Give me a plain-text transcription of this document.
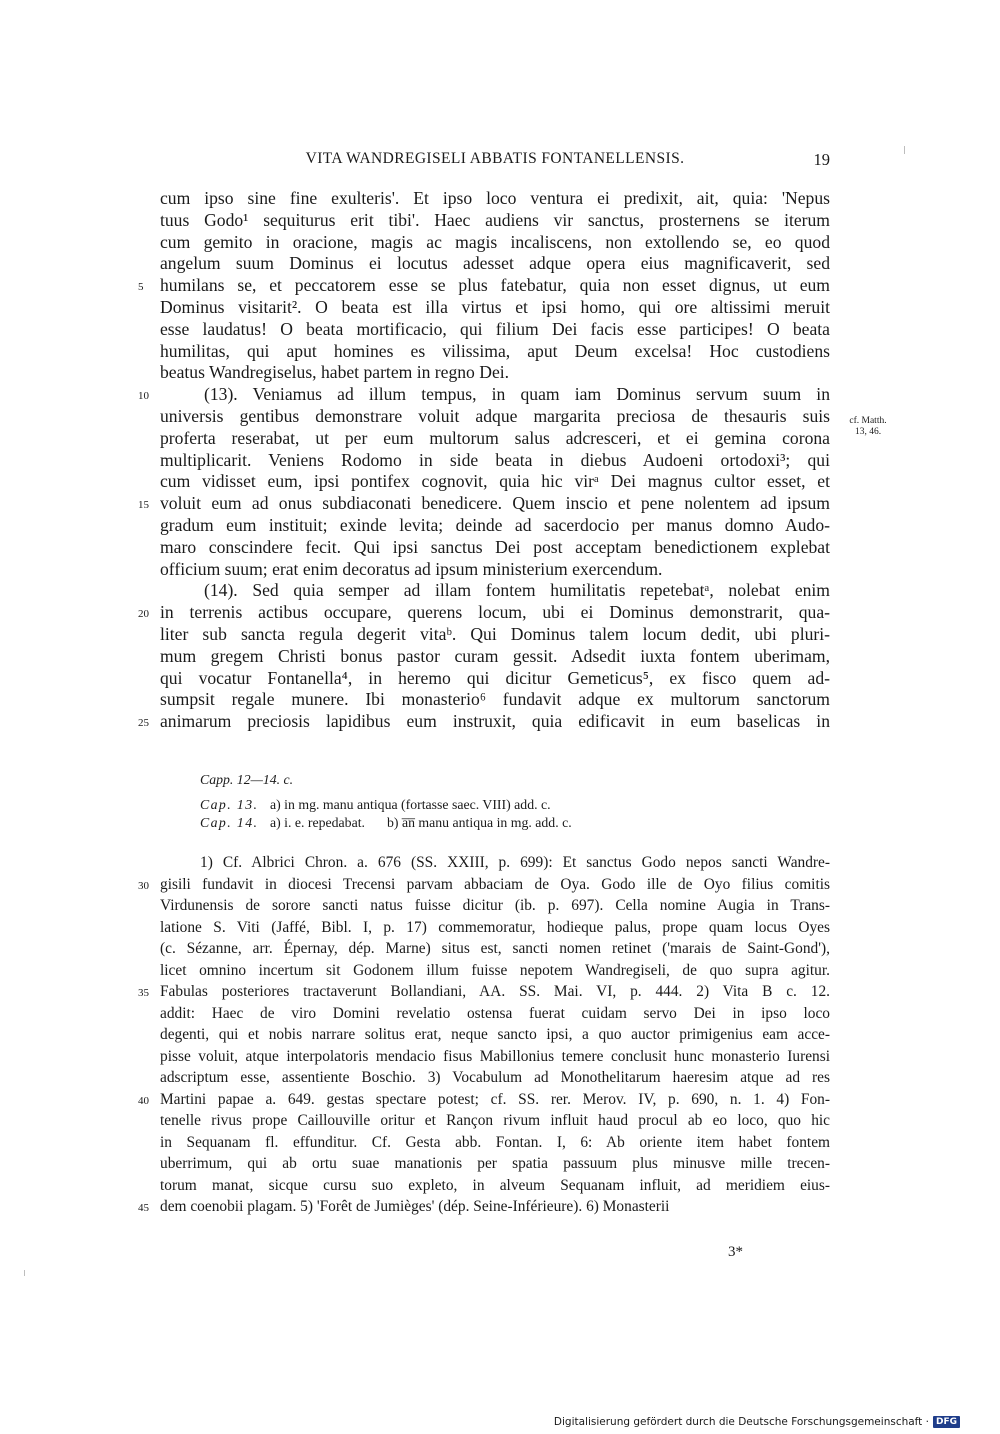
VITA WANDREGISELI ABBATIS FONTANELLENSIS.	19
cum ipso sine fine exulteris'. Et ipso loco ventura ei predixit, ait, quia: 'Nepus
tuus Godo¹ sequiturus erit tibi'. Haec audiens vir sanctus, prosternens se iterum
cum gemito in oracione, magis ac magis incaliscens, non extollendo se, eo quod
angelum suum Dominus ei locutus adesset adque opera eius magnificaverit, sed
5 humilans se, et peccatorem esse se plus fatebatur, quia non esset dignus, ut eum
Dominus visitarit². O beata est illa virtus et ipsi homo, qui ore altissimi meruit
esse laudatus! O beata mortificacio, qui filium Dei facis esse participes! O beata
humilitas, qui aput homines es vilissima, aput Deum excelsa! Hoc custodiens
beatus Wandregiselus, habet partem in regno Dei.
10	(13). Veniamus ad illum tempus, in quam iam Dominus servum suum in
universis gentibus demonstrare voluit adque margarita preciosa de thesauris suis
proferta reserabat, ut per eum multorum salus adcresceri, et ei gemina corona
multiplicarit. Veniens Rodomo in side beata in diebus Audoeni ortodoxi³; qui
cum vidisset eum, ipsi pontifex cognovit, quia hic virᵃ Dei magnus cultor esset, et
15 voluit eum ad onus subdiaconati benedicere. Quem inscio et pene nolentem ad ipsum
gradum eum instituit; exinde levita; deinde ad sacerdocio per manus domno Audo-
maro conscindere fecit. Qui ipsi sanctus Dei post acceptam benedictionem explebat
officium suum; erat enim decoratus ad ipsum ministerium exercendum.
(14). Sed quia semper ad illam fontem humilitatis repetebatᵃ, nolebat enim
20 in terrenis actibus occupare, querens locum, ubi ei Dominus demonstrarit, qua-
liter sub sancta regula degerit vitaᵇ. Qui Dominus talem locum dedit, ubi pluri-
mum gregem Christi bonus pastor curam gessit. Adsedit iuxta fontem uberimam,
qui vocatur Fontanella⁴, in heremo qui dicitur Gemeticus⁵, ex fisco quem ad-
sumpsit regale munere. Ibi monasterio⁶ fundavit adque ex multorum sanctorum
25 animarum preciosis lapidibus eum instruxit, quia edificavit in eum baselicas in
cf. Matth.
13, 46.
Capp. 12—14. c.
Cap. 13. a) in mg. manu antiqua (fortasse saec. VIII) add. c.
Cap. 14. a) i. e. repedabat. b) a̅n̅ manu antiqua in mg. add. c.
1) Cf. Albrici Chron. a. 676 (SS. XXIII, p. 699): Et sanctus Godo nepos sancti Wandre-
30 gisili fundavit in diocesi Trecensi parvam abbaciam de Oya. Godo ille de Oyo filius comitis
Virdunensis de sorore sancti natus fuisse dicitur (ib. p. 697). Cella nomine Augia in Trans-
latione S. Viti (Jaffé, Bibl. I, p. 17) commemoratur, hodieque palus, prope quam locus Oyes
(c. Sézanne, arr. Épernay, dép. Marne) situs est, sancti nomen retinet ('marais de Saint-Gond'),
licet omnino incertum sit Godonem illum fuisse nepotem Wandregiseli, de quo supra agitur.
35 Fabulas posteriores tractaverunt Bollandiani, AA. SS. Mai. VI, p. 444. 2) Vita B c. 12.
addit: Haec de viro Domini revelatio ostensa fuerat cuidam servo Dei in ipso loco
degenti, qui et nobis narrare solitus erat, neque sancto ipsi, a quo auctor primigenius eam acce-
pisse voluit, atque interpolatoris mendacio fisus Mabillonius temere conclusit hunc monasterio Iurensi
adscriptum esse, assentiente Boschio. 3) Vocabulum ad Monothelitarum haeresim atque ad res
40 Martini papae a. 649. gestas spectare potest; cf. SS. rer. Merov. IV, p. 690, n. 1. 4) Fon-
tenelle rivus prope Caillouville oritur et Rançon rivum influit haud procul ab eo loco, quo hic
in Sequanam fl. effunditur. Cf. Gesta abb. Fontan. I, 6: Ab oriente item habet fontem
uberrimum, qui ab ortu suae manationis per spatia passuum plus minusve mille trecen-
torum manat, sicque cursu suo expleto, in alveum Sequanam influit, ad meridiem eius-
45 dem coenobii plagam. 5) 'Forêt de Jumièges' (dép. Seine-Inférieure). 6) Monasterii
3*
Digitalisierung gefördert durch die Deutsche Forschungsgemeinschaft · DFG
